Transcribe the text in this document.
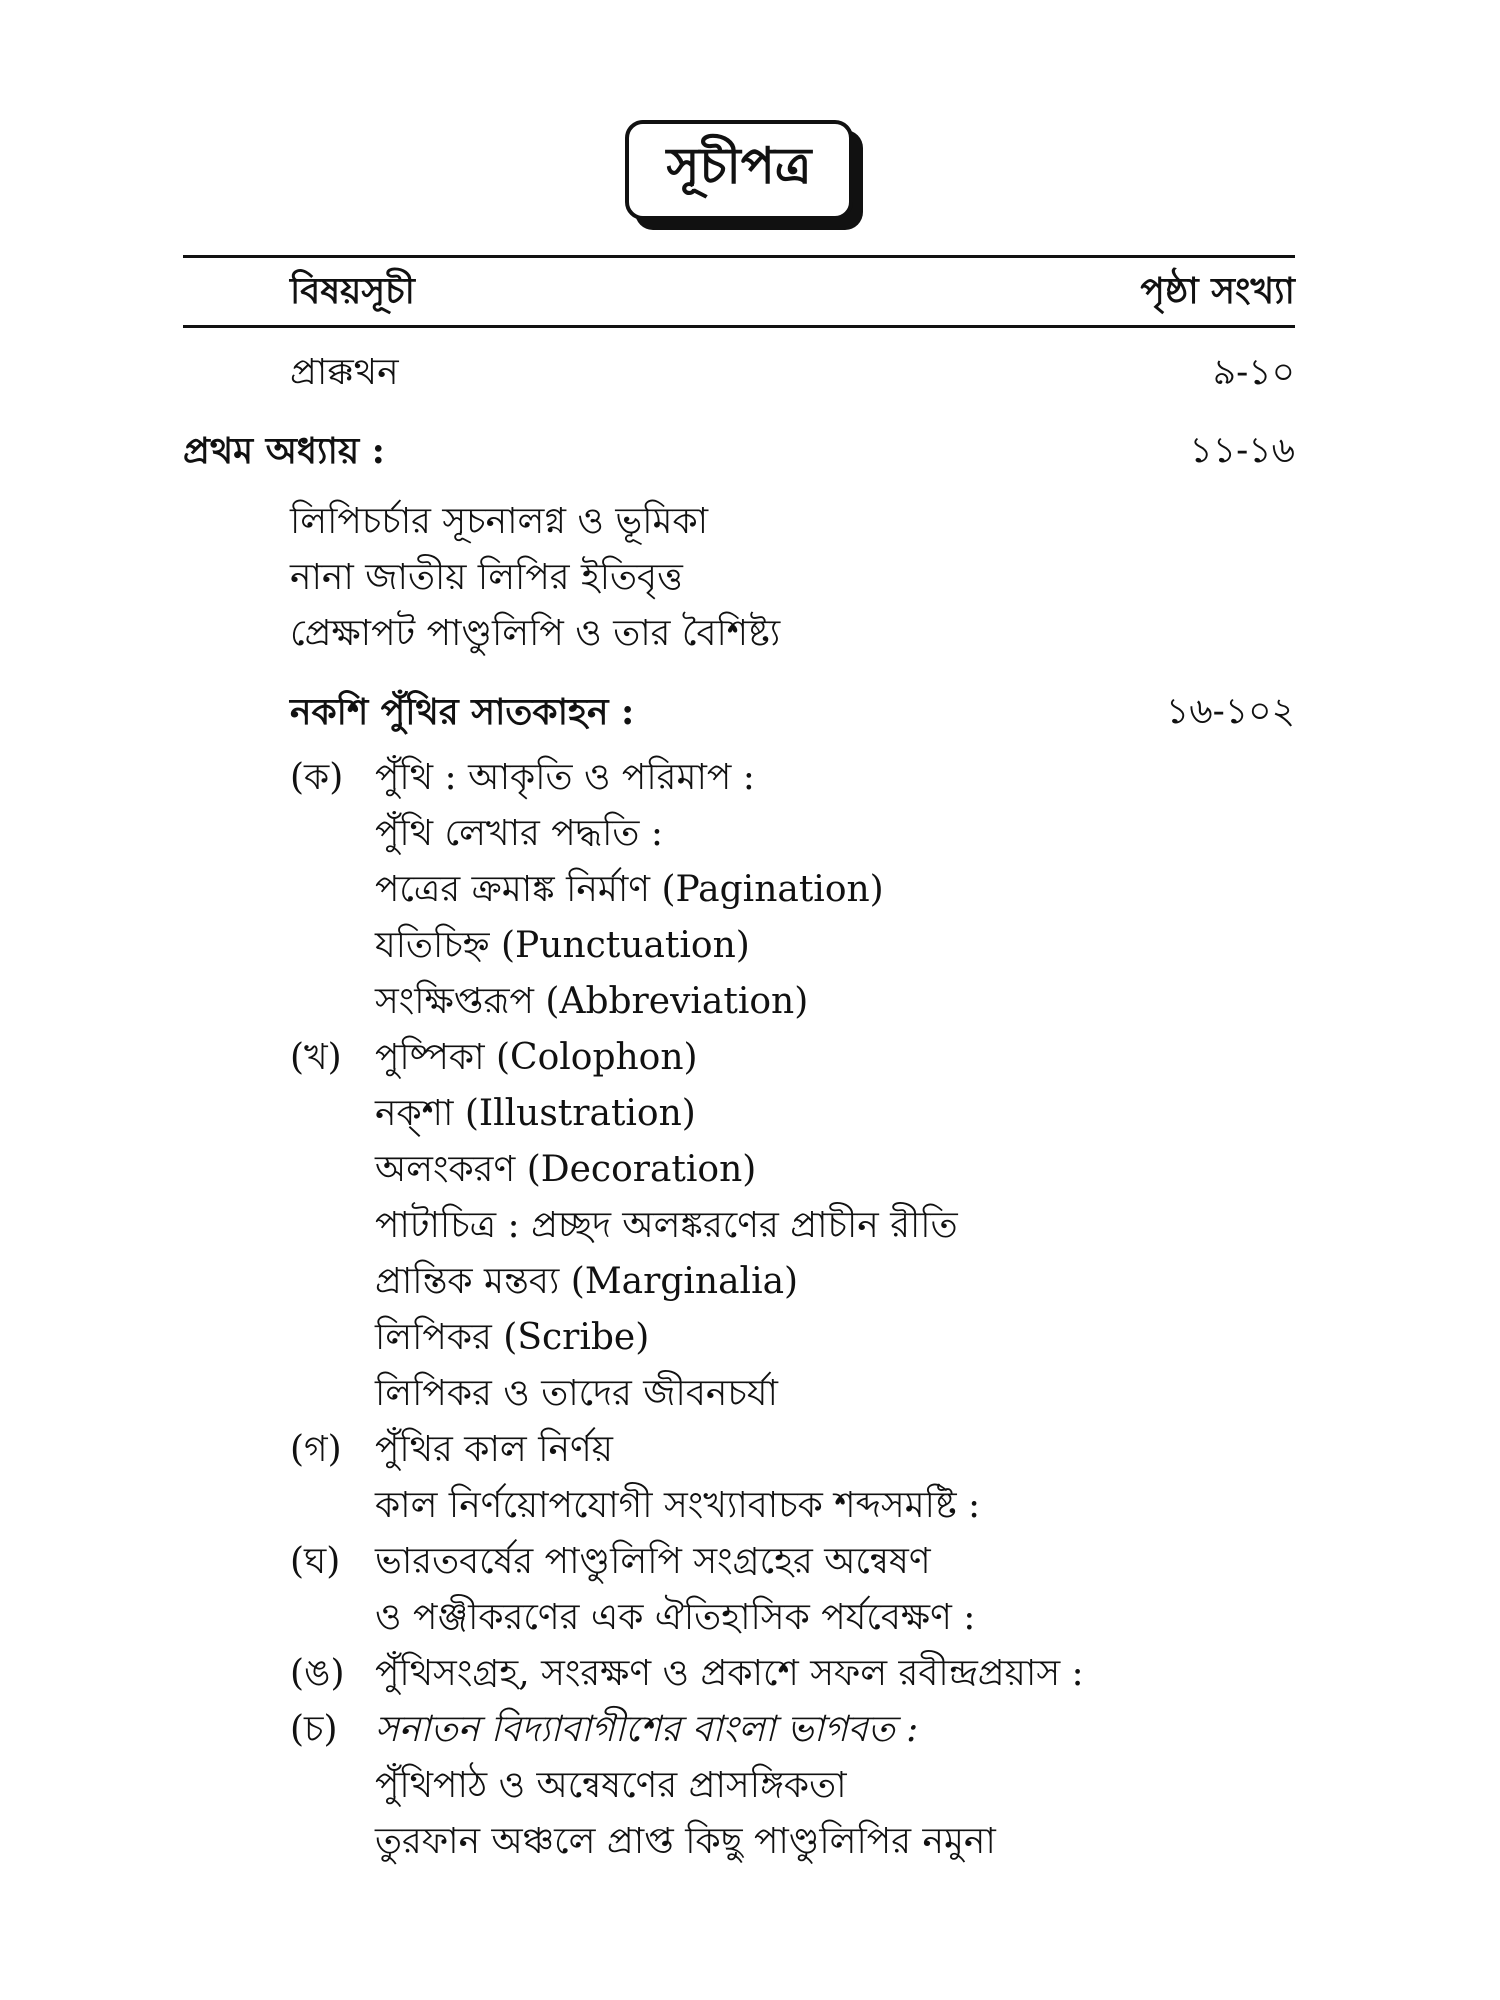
সূচীপত্র
বিষয়সূচী	পৃষ্ঠা সংখ্যা
প্রাক্কথন	৯-১০
প্রথম অধ্যায় :	১১-১৬
লিপিচর্চার সূচনালগ্ন ও ভূমিকা
নানা জাতীয় লিপির ইতিবৃত্ত
প্রেক্ষাপট পাণ্ডুলিপি ও তার বৈশিষ্ট্য
নকশি পুঁথির সাতকাহন :	১৬-১০২
(ক) পুঁথি : আকৃতি ও পরিমাপ :
পুঁথি লেখার পদ্ধতি :
পত্রের ক্রমাঙ্ক নির্মাণ (Pagination)
যতিচিহ্ন (Punctuation)
সংক্ষিপ্তরূপ (Abbreviation)
(খ) পুষ্পিকা (Colophon)
নক্‌শা (Illustration)
অলংকরণ (Decoration)
পাটাচিত্র : প্রচ্ছদ অলঙ্করণের প্রাচীন রীতি
প্রান্তিক মন্তব্য (Marginalia)
লিপিকর (Scribe)
লিপিকর ও তাদের জীবনচর্যা
(গ) পুঁথির কাল নির্ণয়
কাল নির্ণয়োপযোগী সংখ্যাবাচক শব্দসমষ্টি :
(ঘ) ভারতবর্ষের পাণ্ডুলিপি সংগ্রহের অন্বেষণ
ও পঞ্জীকরণের এক ঐতিহাসিক পর্যবেক্ষণ :
(ঙ) পুঁথিসংগ্রহ, সংরক্ষণ ও প্রকাশে সফল রবীন্দ্রপ্রয়াস :
(চ) সনাতন বিদ্যাবাগীশের বাংলা ভাগবত :
পুঁথিপাঠ ও অন্বেষণের প্রাসঙ্গিকতা
তুরফান অঞ্চলে প্রাপ্ত কিছু পাণ্ডুলিপির নমুনা
